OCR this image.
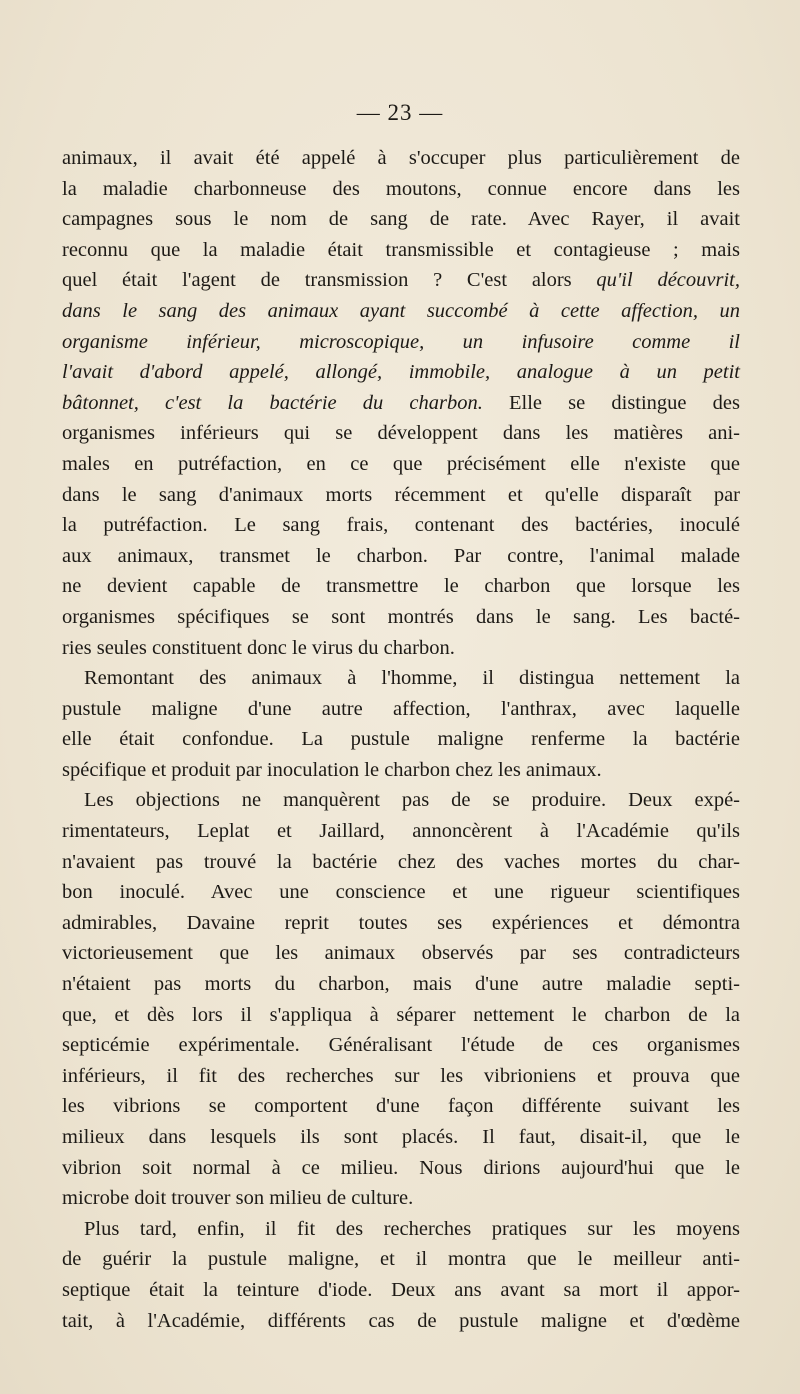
— 23 —
animaux, il avait été appelé à s'occuper plus particulièrement de
la maladie charbonneuse des moutons, connue encore dans les
campagnes sous le nom de sang de rate. Avec Rayer, il avait
reconnu que la maladie était transmissible et contagieuse ; mais
quel était l'agent de transmission ? C'est alors qu'il découvrit,
dans le sang des animaux ayant succombé à cette affection, un
organisme inférieur, microscopique, un infusoire comme il
l'avait d'abord appelé, allongé, immobile, analogue à un petit
bâtonnet, c'est la bactérie du charbon. Elle se distingue des
organismes inférieurs qui se développent dans les matières ani-
males en putréfaction, en ce que précisément elle n'existe que
dans le sang d'animaux morts récemment et qu'elle disparaît par
la putréfaction. Le sang frais, contenant des bactéries, inoculé
aux animaux, transmet le charbon. Par contre, l'animal malade
ne devient capable de transmettre le charbon que lorsque les
organismes spécifiques se sont montrés dans le sang. Les bacté-
ries seules constituent donc le virus du charbon.
Remontant des animaux à l'homme, il distingua nettement la
pustule maligne d'une autre affection, l'anthrax, avec laquelle
elle était confondue. La pustule maligne renferme la bactérie
spécifique et produit par inoculation le charbon chez les animaux.
Les objections ne manquèrent pas de se produire. Deux expé-
rimentateurs, Leplat et Jaillard, annoncèrent à l'Académie qu'ils
n'avaient pas trouvé la bactérie chez des vaches mortes du char-
bon inoculé. Avec une conscience et une rigueur scientifiques
admirables, Davaine reprit toutes ses expériences et démontra
victorieusement que les animaux observés par ses contradicteurs
n'étaient pas morts du charbon, mais d'une autre maladie septi-
que, et dès lors il s'appliqua à séparer nettement le charbon de la
septicémie expérimentale. Généralisant l'étude de ces organismes
inférieurs, il fit des recherches sur les vibrioniens et prouva que
les vibrions se comportent d'une façon différente suivant les
milieux dans lesquels ils sont placés. Il faut, disait-il, que le
vibrion soit normal à ce milieu. Nous dirions aujourd'hui que le
microbe doit trouver son milieu de culture.
Plus tard, enfin, il fit des recherches pratiques sur les moyens
de guérir la pustule maligne, et il montra que le meilleur anti-
septique était la teinture d'iode. Deux ans avant sa mort il appor-
tait, à l'Académie, différents cas de pustule maligne et d'œdème
